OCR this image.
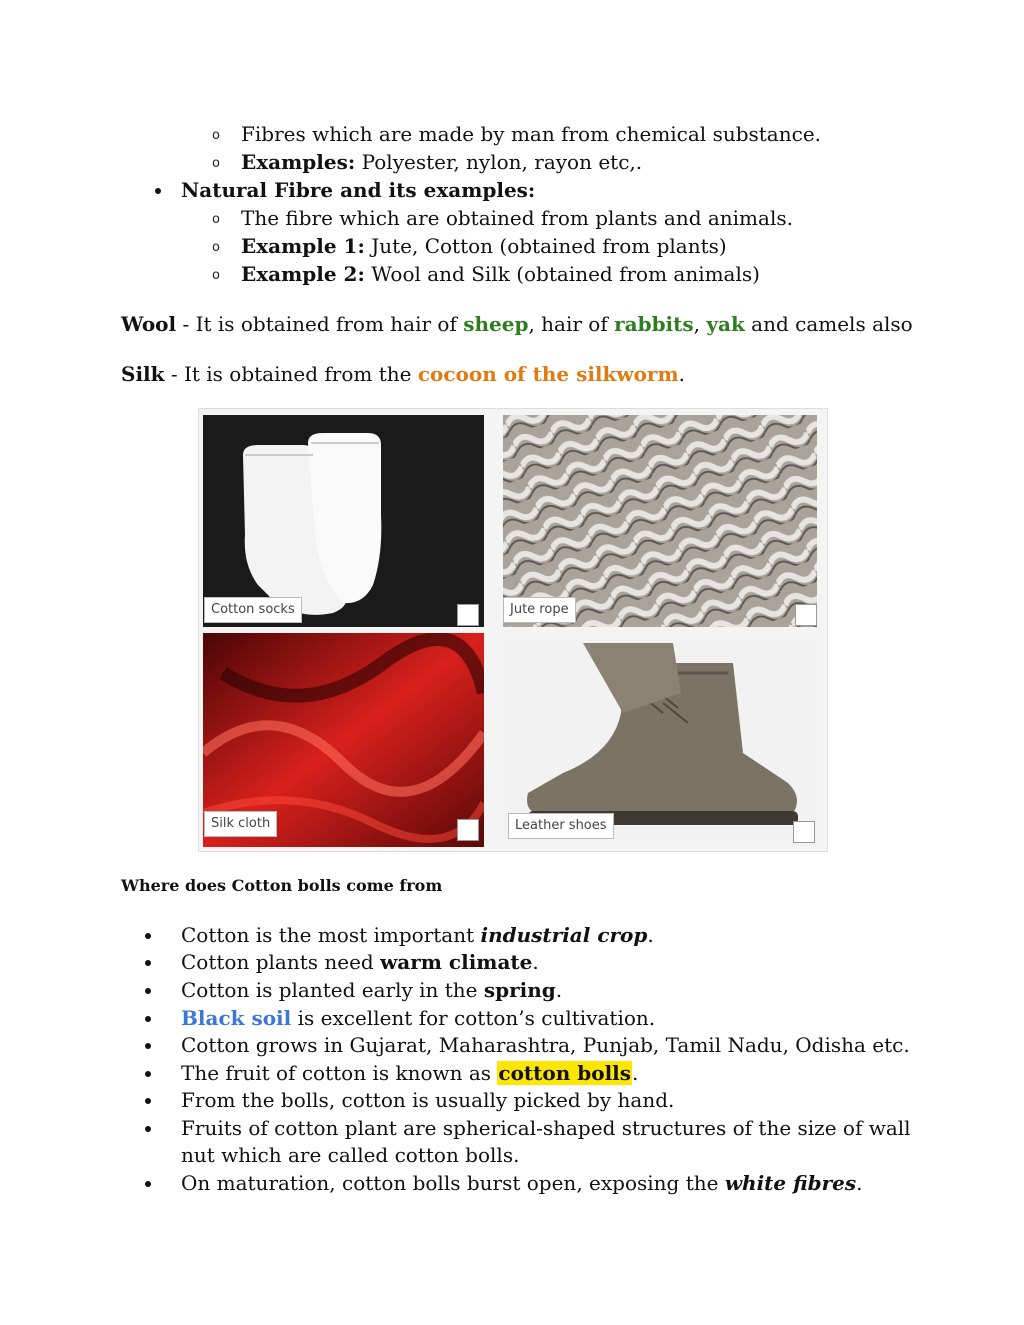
o Fibres which are made by man from chemical substance.
o Examples: Polyester, nylon, rayon etc,.
Natural Fibre and its examples:
o The fibre which are obtained from plants and animals.
o Example 1: Jute, Cotton (obtained from plants)
o Example 2: Wool and Silk (obtained from animals)
Wool - It is obtained from hair of sheep, hair of rabbits, yak and camels also
Silk - It is obtained from the cocoon of the silkworm.
Cotton socks	Jute rope
Silk cloth	Leather shoes
Where does Cotton bolls come from
Cotton is the most important industrial crop.
Cotton plants need warm climate.
Cotton is planted early in the spring.
Black soil is excellent for cotton’s cultivation.
Cotton grows in Gujarat, Maharashtra, Punjab, Tamil Nadu, Odisha etc.
The fruit of cotton is known as cotton bolls.
From the bolls, cotton is usually picked by hand.
Fruits of cotton plant are spherical-shaped structures of the size of wall
nut which are called cotton bolls.
On maturation, cotton bolls burst open, exposing the white fibres.
